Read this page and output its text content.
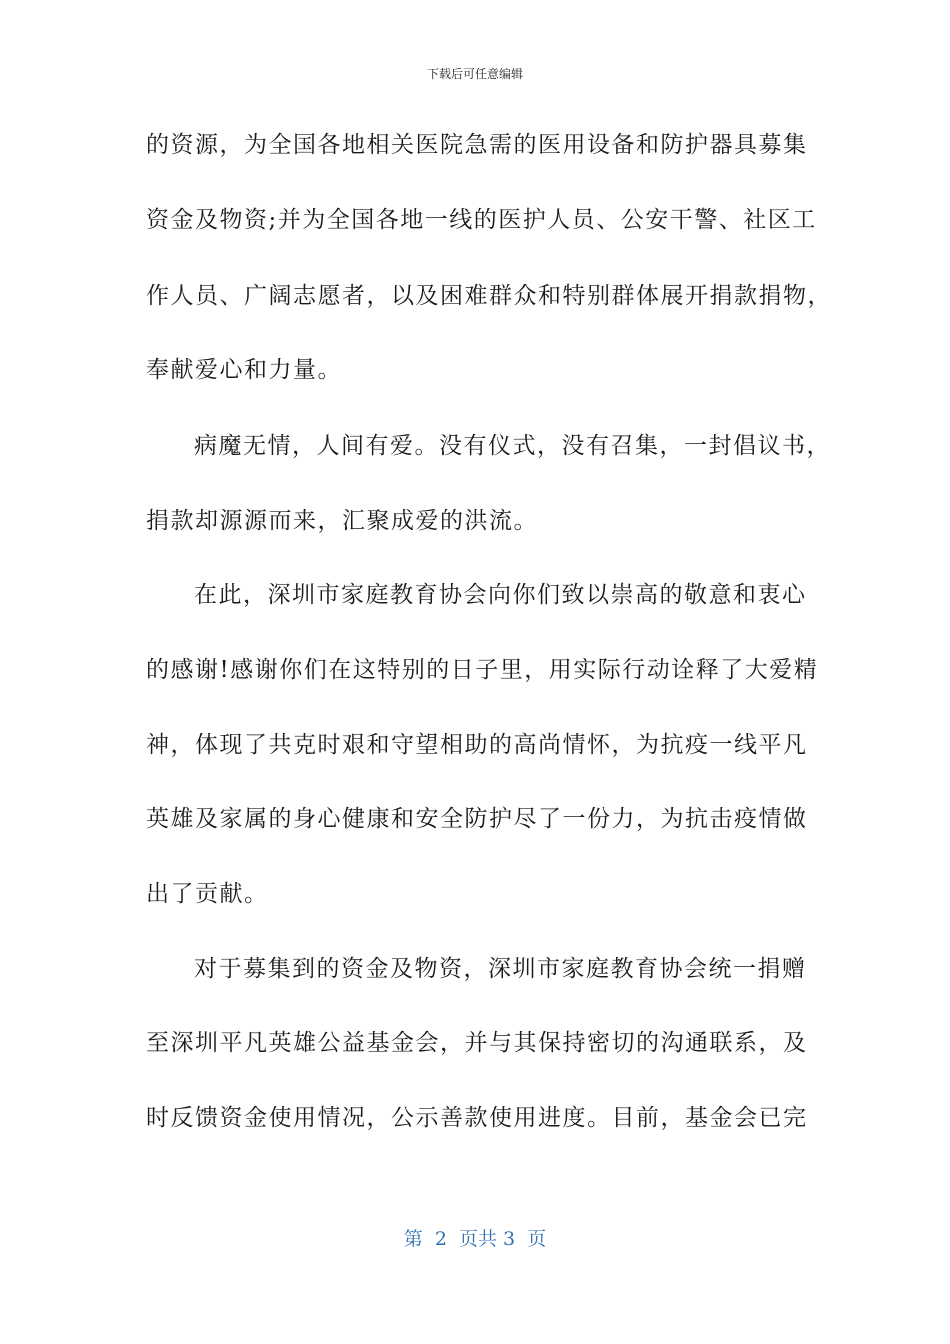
下载后可任意编辑
的资源，为全国各地相关医院急需的医用设备和防护器具募集
资金及物资;并为全国各地一线的医护人员、公安干警、社区工
作人员、广阔志愿者，以及困难群众和特别群体展开捐款捐物，
奉献爱心和力量。
病魔无情，人间有爱。没有仪式，没有召集，一封倡议书，
捐款却源源而来，汇聚成爱的洪流。
在此，深圳市家庭教育协会向你们致以崇高的敬意和衷心
的感谢!感谢你们在这特别的日子里，用实际行动诠释了大爱精
神，体现了共克时艰和守望相助的高尚情怀，为抗疫一线平凡
英雄及家属的身心健康和安全防护尽了一份力，为抗击疫情做
出了贡献。
对于募集到的资金及物资，深圳市家庭教育协会统一捐赠
至深圳平凡英雄公益基金会，并与其保持密切的沟通联系，及
时反馈资金使用情况，公示善款使用进度。目前，基金会已完
第  2  页共 3  页
